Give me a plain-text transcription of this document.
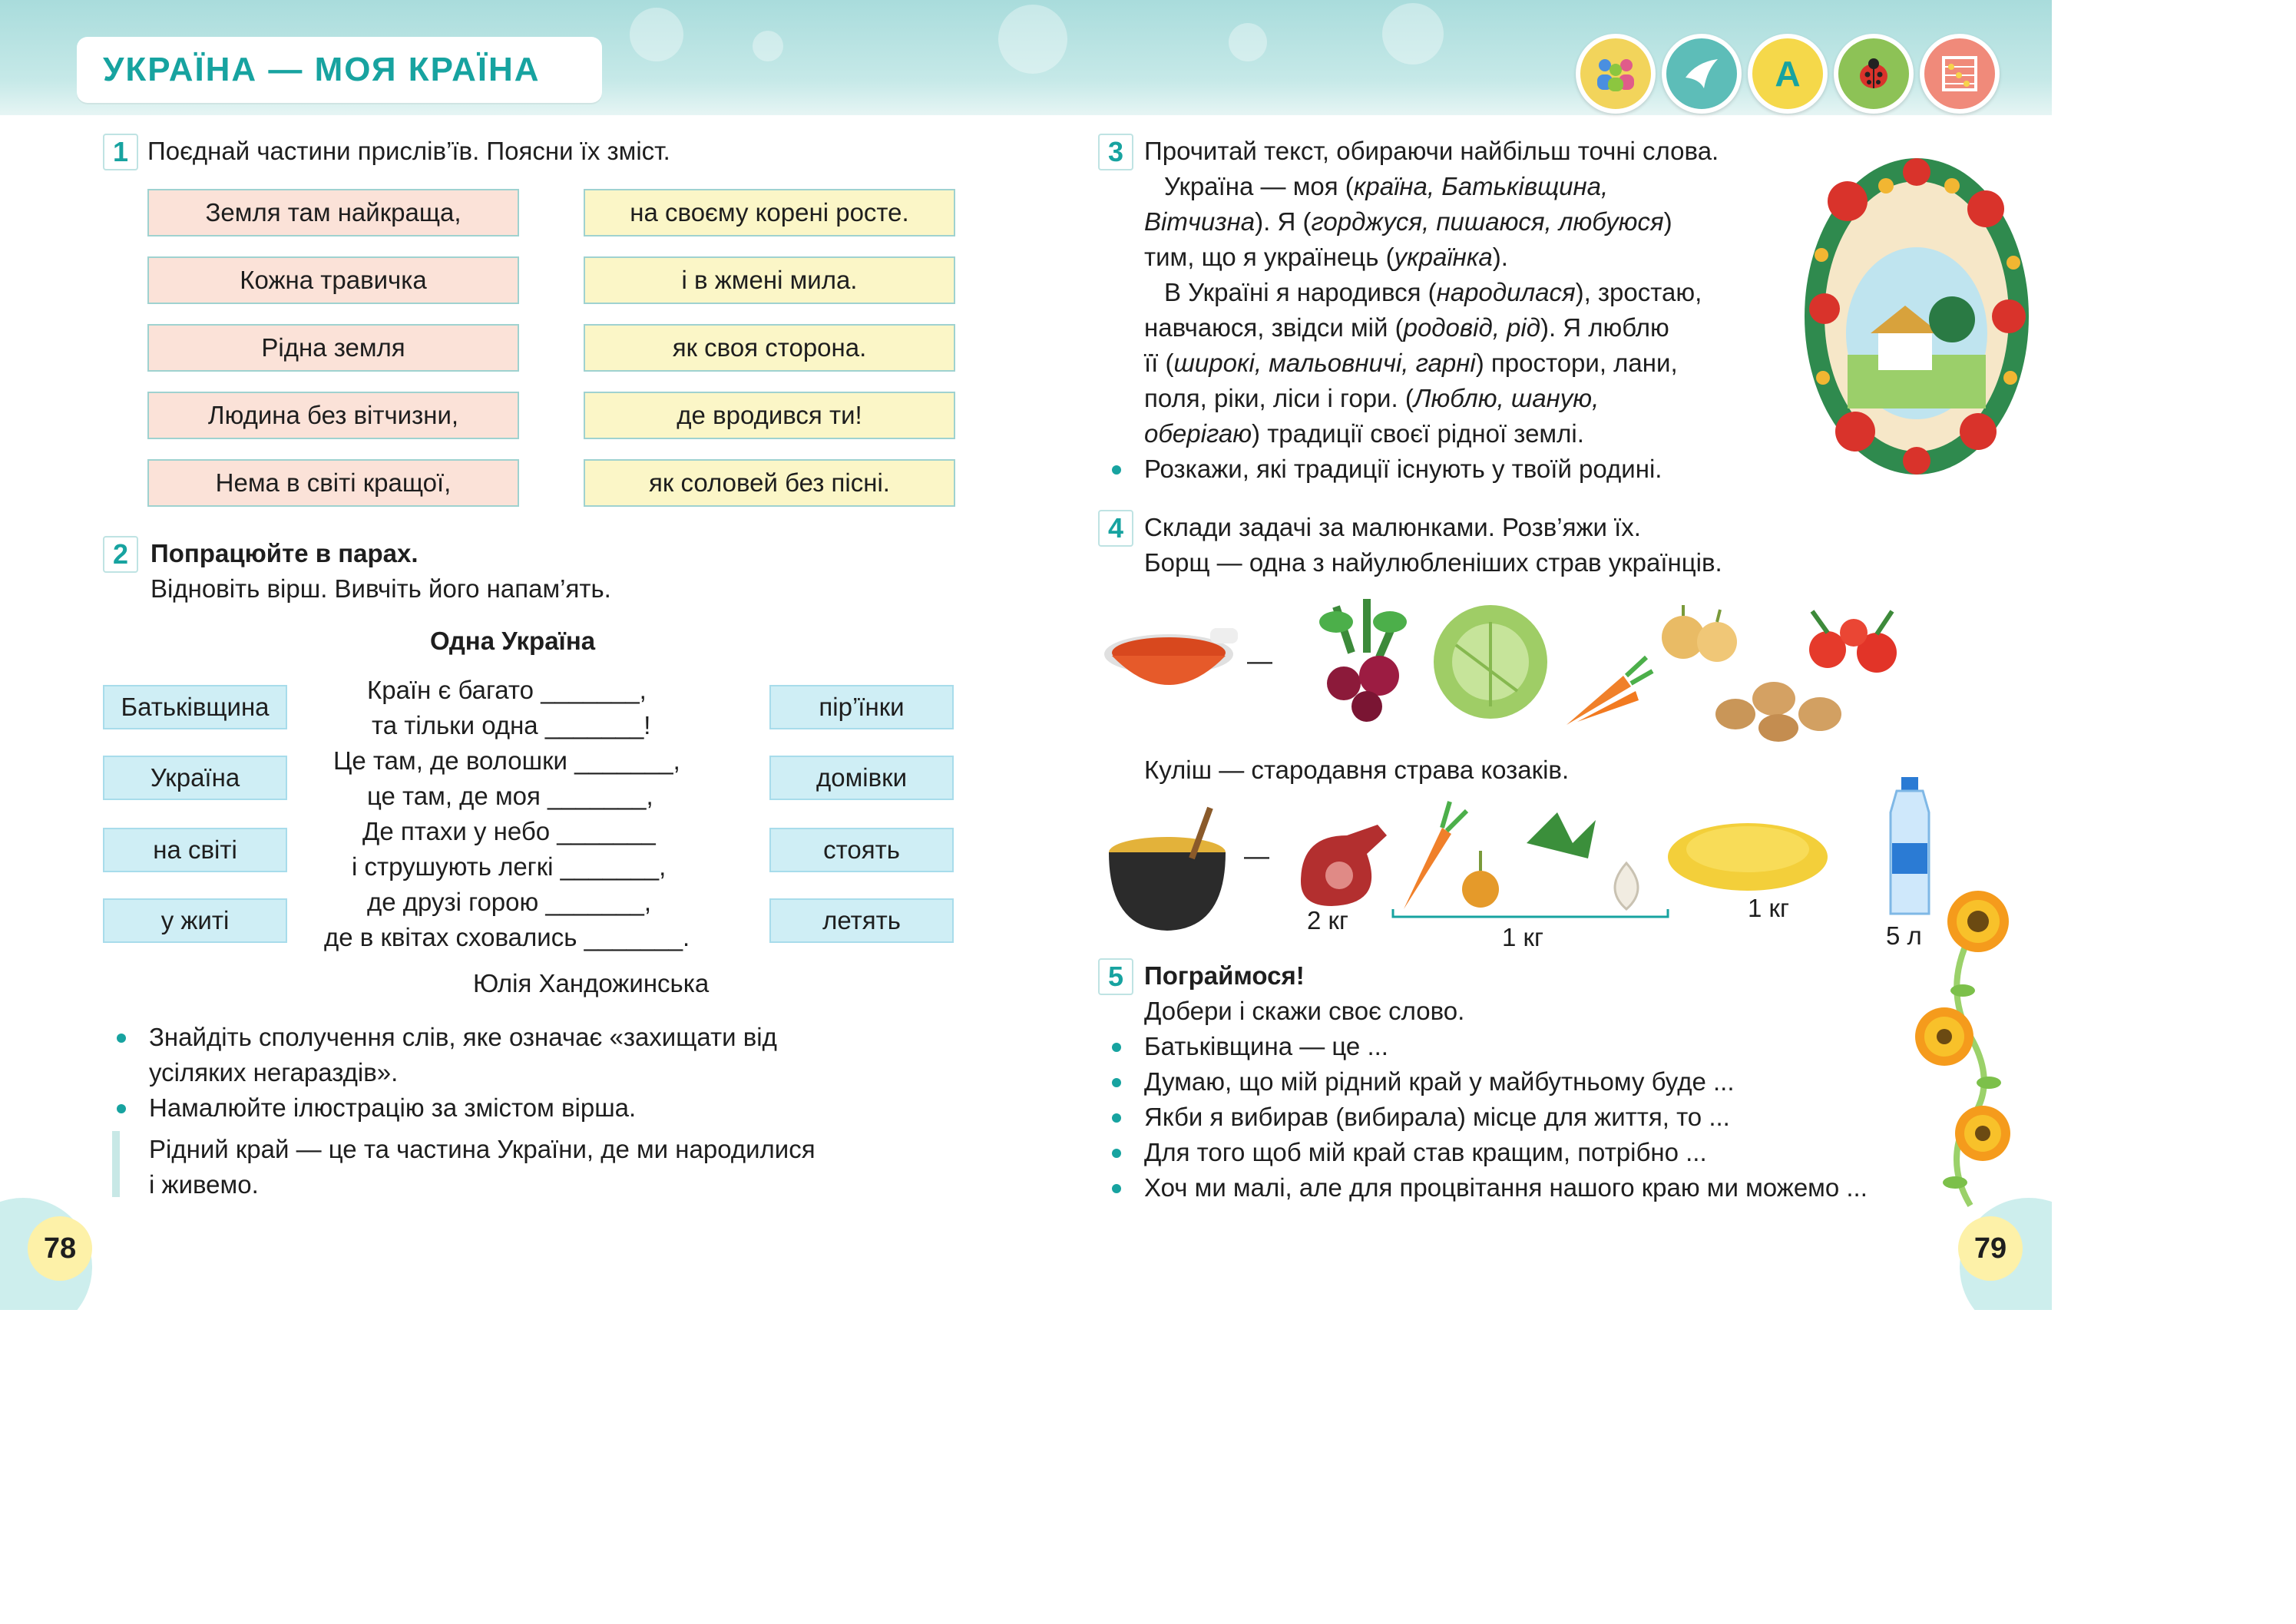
УКРАЇНА — МОЯ КРАЇНА	A
1 Поєднай частини прислів’їв. Поясни їх зміст.
Земля там найкраща,
Кожна травичка
Рідна земля
Людина без вітчизни,
Нема в світі кращої,
на своєму корені росте.
і в жмені мила.
як своя сторона.
де вродився ти!
як соловей без пісні.
2 Попрацюйте в парах.
Відновіть вірш. Вивчіть його напам’ять.
Одна Україна
Батьківщина
Україна
на світі
у житі
пір’їнки
домівки
стоять
летять
Країн є багато _______,
та тільки одна _______!
Це там, де волошки _______,
це там, де моя _______,
Де птахи у небо _______
і струшують легкі _______,
де друзі горою _______,
де в квітах сховались _______.
Юлія Хандожинська
Знайдіть сполучення слів, яке означає «захищати від
усіляких негараздів».
Намалюйте ілюстрацію за змістом вірша.
Рідний край — це та частина України, де ми народилися
і живемо.
78
3 Прочитай текст, обираючи найбільш точні слова.
Україна — моя (країна, Батьківщина,
Вітчизна). Я (горджуся, пишаюся, любуюся)
тим, що я українець (українка).
В Україні я народився (народилася), зростаю,
навчаюся, звідси мій (родовід, рід). Я люблю
її (широкі, мальовничі, гарні) простори, лани,
поля, ріки, ліси і гори. (Люблю, шаную,
оберігаю) традиції своєї рідної землі.
Розкажи, які традиції існують у твоїй родині.
4 Склади задачі за малюнками. Розв’яжи їх.
Борщ — одна з найулюбленіших страв українців.
—
Куліш — стародавня страва козаків.
—
2 кг
1 кг
1 кг
5 л
5 Пограймося!
Добери і скажи своє слово.
Батьківщина — це ...
Думаю, що мій рідний край у майбутньому буде ...
Якби я вибирав (вибирала) місце для життя, то ...
Для того щоб мій край став кращим, потрібно ...
Хоч ми малі, але для процвітання нашого краю ми можемо ...
79
